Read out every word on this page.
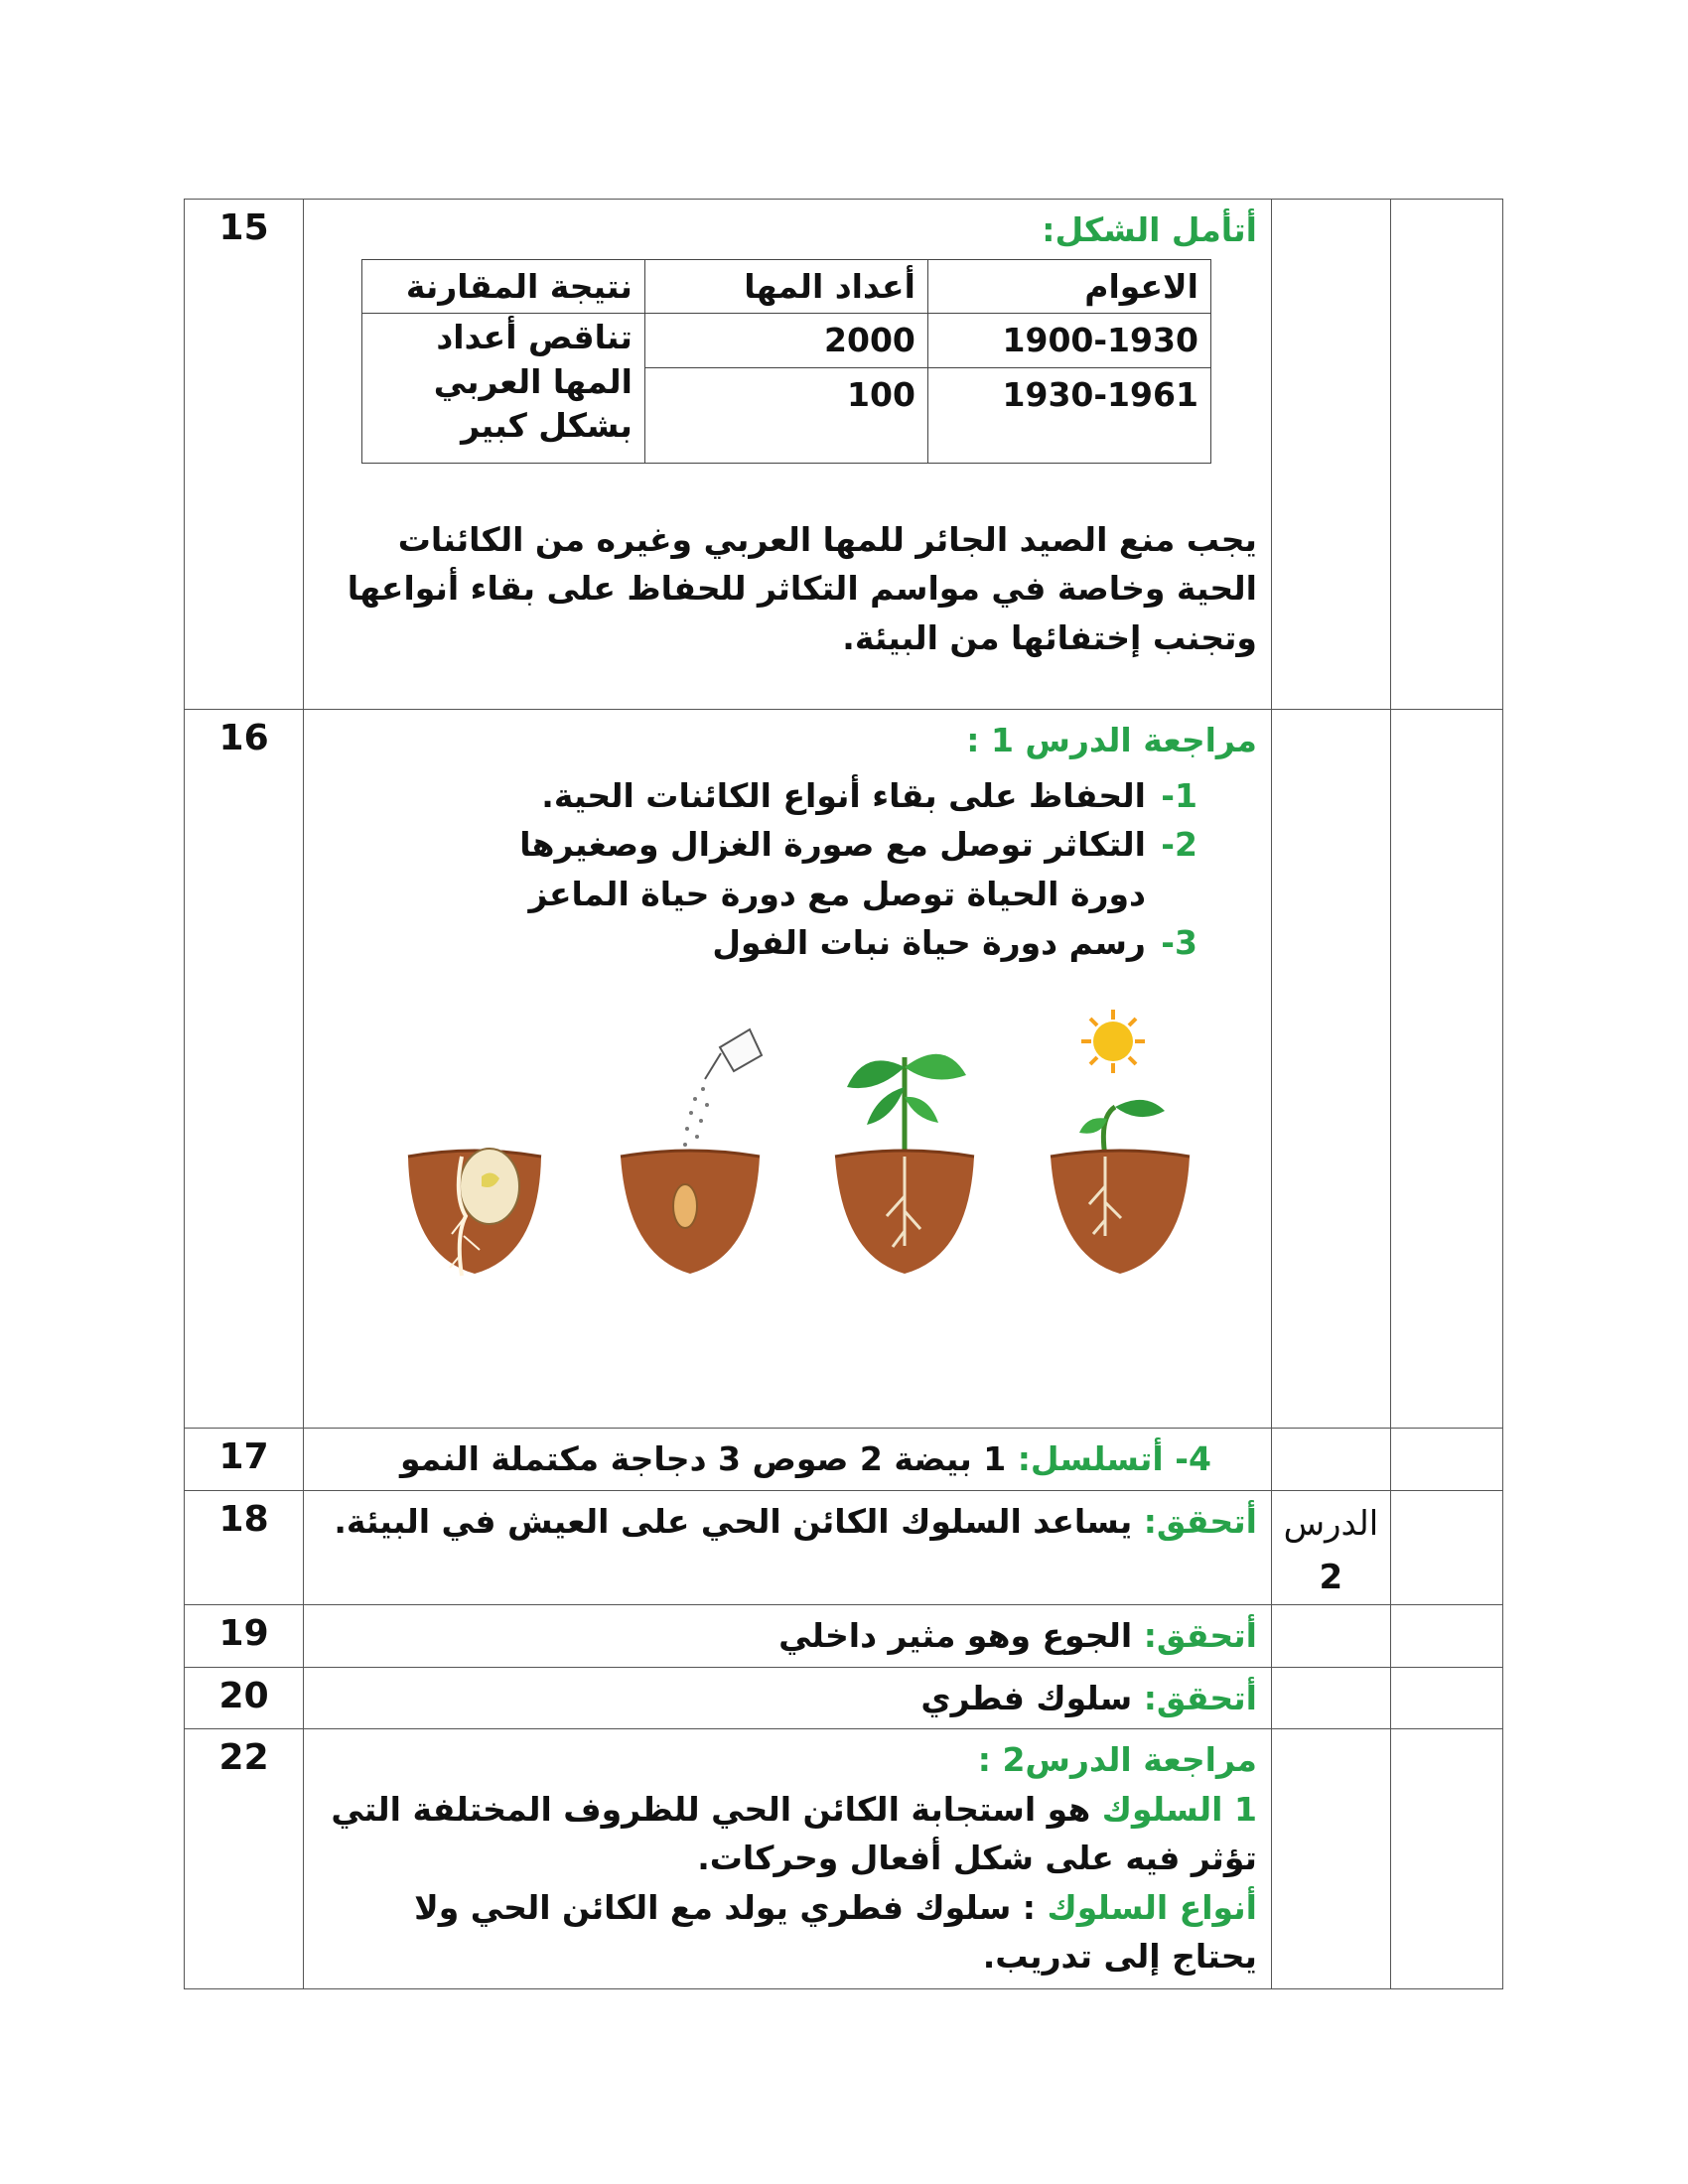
15	أتأمل الشكل:
الاعوام	أعداد المها	نتيجة المقارنة
1900-1930	2000	تناقص أعداد المها العربي بشكل كبير
1930-1961	100
يجب منع الصيد الجائر للمها العربي وغيره من الكائنات الحية وخاصة في مواسم التكاثر للحفاظ على بقاء أنواعها وتجنب إختفائها من البيئة.

16	مراجعة الدرس 1 :
1-الحفاظ على بقاء أنواع الكائنات الحية.
2-التكاثر توصل مع صورة الغزال وصغيرها
دورة الحياة توصل مع دورة حياة الماعز
3-رسم دورة حياة نبات الفول

17	4- أتسلسل: 1 بيضة 2 صوص 3 دجاجة مكتملة النمو		
18	أتحقق: يساعد السلوك الكائن الحي على العيش في البيئة.	الدرس
2

19	أتحقق: الجوع وهو مثير داخلي		
20	أتحقق: سلوك فطري		
22	مراجعة الدرس2 :
1 السلوك هو استجابة الكائن الحي للظروف المختلفة التي تؤثر فيه على شكل أفعال وحركات.
أنواع السلوك : سلوك فطري يولد مع الكائن الحي ولا يحتاج إلى تدريب.
